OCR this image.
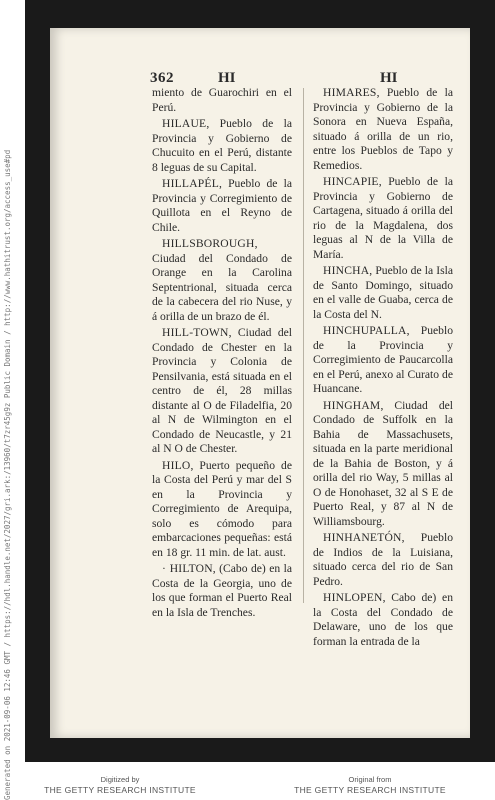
362	HI	HI

miento de Guarochiri en el Perú.

HILAUE, Pueblo de la Provincia y Gobierno de Chucuito en el Perú, distante 8 leguas de su Capital.

HILLAPÉL, Pueblo de la Provincia y Corregimiento de Quillota en el Reyno de Chile.

HILLSBOROUGH, Ciudad del Condado de Orange en la Carolina Septentrional, situada cerca de la cabecera del rio Nuse, y á orilla de un brazo de él.

HILL-TOWN, Ciudad del Condado de Chester en la Provincia y Colonia de Pensilvania, está situada en el centro de él, 28 millas distante al O de Filadelfia, 20 al N de Wilmington en el Condado de Neucastle, y 21 al N O de Chester.

HILO, Puerto pequeño de la Costa del Perú y mar del S en la Provincia y Corregimiento de Arequipa, solo es cómodo para embarcaciones pequeñas: está en 18 gr. 11 min. de lat. aust.

· HILTON, (Cabo de) en la Costa de la Georgia, uno de los que forman el Puerto Real en la Isla de Trenches.

HIMARES, Pueblo de la Provincia y Gobierno de la Sonora en Nueva España, situado á orilla de un rio, entre los Pueblos de Tapo y Remedios.

HINCAPIE, Pueblo de la Provincia y Gobierno de Cartagena, situado á orilla del rio de la Magdalena, dos leguas al N de la Villa de María.

HINCHA, Pueblo de la Isla de Santo Domingo, situado en el valle de Guaba, cerca de la Costa del N.

HINCHUPALLA, Pueblo de la Provincia y Corregimiento de Paucarcolla en el Perú, anexo al Curato de Huancane.

HINGHAM, Ciudad del Condado de Suffolk en la Bahia de Massachusets, situada en la parte meridional de la Bahia de Boston, y á orilla del rio Way, 5 millas al O de Honohaset, 32 al S E de Puerto Real, y 87 al N de Williamsbourg.

HINHANETÓN, Pueblo de Indios de la Luisiana, situado cerca del rio de San Pedro.

HINLOPEN, Cabo de) en la Costa del Condado de Delaware, uno de los que forman la entrada de la

Generated on 2021-09-06 12:46 GMT / https://hdl.handle.net/2027/gri.ark:/13960/t7zr45g9z Public Domain / http://www.hathitrust.org/access_use#pd	Digitized by
THE GETTY RESEARCH INSTITUTE
Original from
THE GETTY RESEARCH INSTITUTE
